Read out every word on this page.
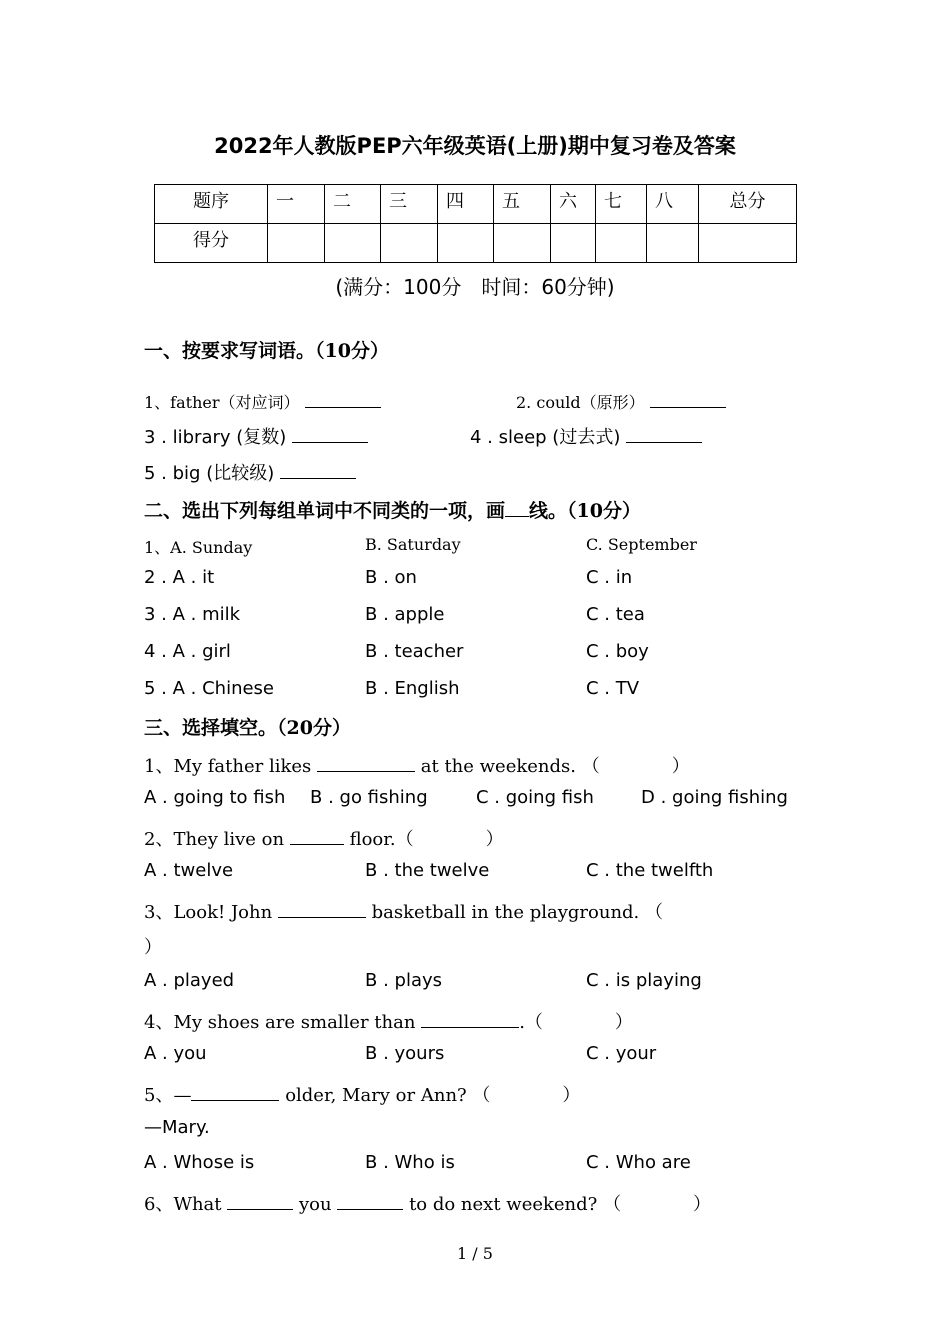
2022年人教版PEP六年级英语(上册)期中复习卷及答案
题序	一	二	三	四	五	六	七	八	总分
得分									
(满分：100分　时间：60分钟)
一、按要求写词语。（10分）
1、father（对应词）	2. could（原形）
3 . library (复数)	4 . sleep (过去式)
5 . big (比较级)
二、选出下列每组单词中不同类的一项，画 线。（10分）
1、A. Sunday	B. Saturday	C. September
2 . A . it	B . on	C . in
3 . A . milk	B . apple	C . tea
4 . A . girl	B . teacher	C . boy
5 . A . Chinese	B . English	C . TV
三、选择填空。（20分）
1、My father likes	at the weekends. （　　　　）
A . going to fish B . go fishing	C . going fish	D . going fishing
2、They live on	floor.（　　　　）
A . twelve	B . the twelve	C . the twelfth
3、Look! John	basketball in the playground. （
）
A . played	B . plays	C . is playing
4、My shoes are smaller than	.（　　　　）
A . you	B . yours	C . your
5、—	older, Mary or Ann? （　　　　）
—Mary.
A . Whose is	B . Who is	C . Who are
6、What	you	to do next weekend? （　　　　）
1 / 5
